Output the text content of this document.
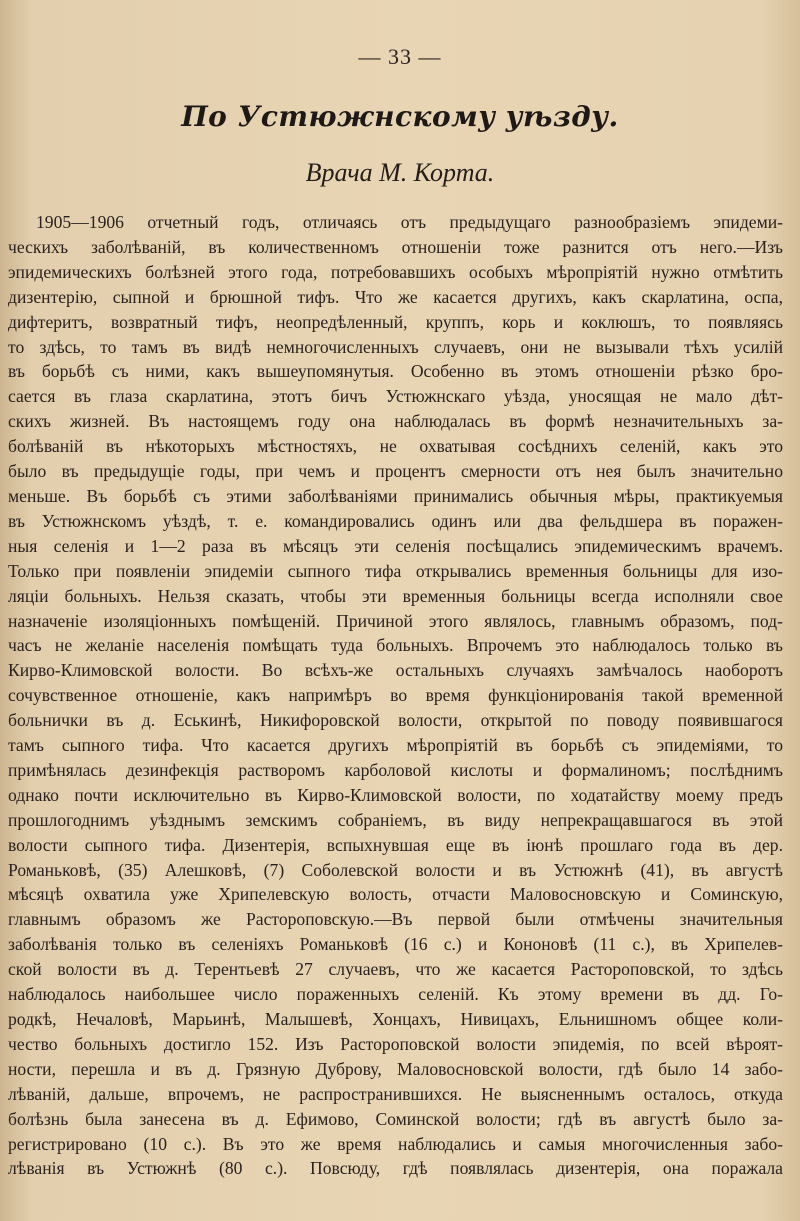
— 33 —
По Устюжнскому уѣзду.
Врача М. Корта.
1905—1906 отчетный годъ, отличаясь отъ предыдущаго разнообразіемъ эпидеми-
ческихъ заболѣваній, въ количественномъ отношеніи тоже разнится отъ него.—Изъ
эпидемическихъ болѣзней этого года, потребовавшихъ особыхъ мѣропріятій нужно отмѣтить
дизентерію, сыпной и брюшной тифъ. Что же касается другихъ, какъ скарлатина, оспа,
дифтеритъ, возвратный тифъ, неопредѣленный, круппъ, корь и коклюшъ, то появляясь
то здѣсь, то тамъ въ видѣ немногочисленныхъ случаевъ, они не вызывали тѣхъ усилій
въ борьбѣ съ ними, какъ вышеупомянутыя. Особенно въ этомъ отношеніи рѣзко бро-
сается въ глаза скарлатина, этотъ бичъ Устюжнскаго уѣзда, уносящая не мало дѣт-
скихъ жизней. Въ настоящемъ году она наблюдалась въ формѣ незначительныхъ за-
болѣваній въ нѣкоторыхъ мѣстностяхъ, не охватывая сосѣднихъ селеній, какъ это
было въ предыдущіе годы, при чемъ и процентъ смерности отъ нея былъ значительно
меньше. Въ борьбѣ съ этими заболѣваніями принимались обычныя мѣры, практикуемыя
въ Устюжнскомъ уѣздѣ, т. е. командировались одинъ или два фельдшера въ поражен-
ныя селенія и 1—2 раза въ мѣсяцъ эти селенія посѣщались эпидемическимъ врачемъ.
Только при появленіи эпидеміи сыпного тифа открывались временныя больницы для изо-
ляціи больныхъ. Нельзя сказать, чтобы эти временныя больницы всегда исполняли свое
назначеніе изоляціонныхъ помѣщеній. Причиной этого являлось, главнымъ образомъ, под-
часъ не желаніе населенія помѣщать туда больныхъ. Впрочемъ это наблюдалось только въ
Кирво-Климовской волости. Во всѣхъ-же остальныхъ случаяхъ замѣчалось наоборотъ
сочувственное отношеніе, какъ напримѣръ во время функціонированія такой временной
больнички въ д. Еськинѣ, Никифоровской волости, открытой по поводу появившагося
тамъ сыпного тифа. Что касается другихъ мѣропріятій въ борьбѣ съ эпидеміями, то
примѣнялась дезинфекція растворомъ карболовой кислоты и формалиномъ; послѣднимъ
однако почти исключительно въ Кирво-Климовской волости, по ходатайству моему предъ
прошлогоднимъ уѣзднымъ земскимъ собраніемъ, въ виду непрекращавшагося въ этой
волости сыпного тифа. Дизентерія, вспыхнувшая еще въ іюнѣ прошлаго года въ дер.
Романьковѣ, (35) Алешковѣ, (7) Соболевской волости и въ Устюжнѣ (41), въ августѣ
мѣсяцѣ охватила уже Хрипелевскую волость, отчасти Маловосновскую и Соминскую,
главнымъ образомъ же Растороповскую.—Въ первой были отмѣчены значительныя
заболѣванія только въ селеніяхъ Романьковѣ (16 с.) и Кононовѣ (11 с.), въ Хрипелев-
ской волости въ д. Терентьевѣ 27 случаевъ, что же касается Растороповской, то здѣсь
наблюдалось наибольшее число пораженныхъ селеній. Къ этому времени въ дд. Го-
родкѣ, Нечаловѣ, Марьинѣ, Малышевѣ, Хонцахъ, Нивицахъ, Ельнишномъ общее коли-
чество больныхъ достигло 152. Изъ Растороповской волости эпидемія, по всей вѣроят-
ности, перешла и въ д. Грязную Дуброву, Маловосновской волости, гдѣ было 14 забо-
лѣваній, дальше, впрочемъ, не распространившихся. Не выясненнымъ осталось, откуда
болѣзнь была занесена въ д. Ефимово, Соминской волости; гдѣ въ августѣ было за-
регистрировано (10 с.). Въ это же время наблюдались и самыя многочисленныя забо-
лѣванія въ Устюжнѣ (80 с.). Повсюду, гдѣ появлялась дизентерія, она поражала
